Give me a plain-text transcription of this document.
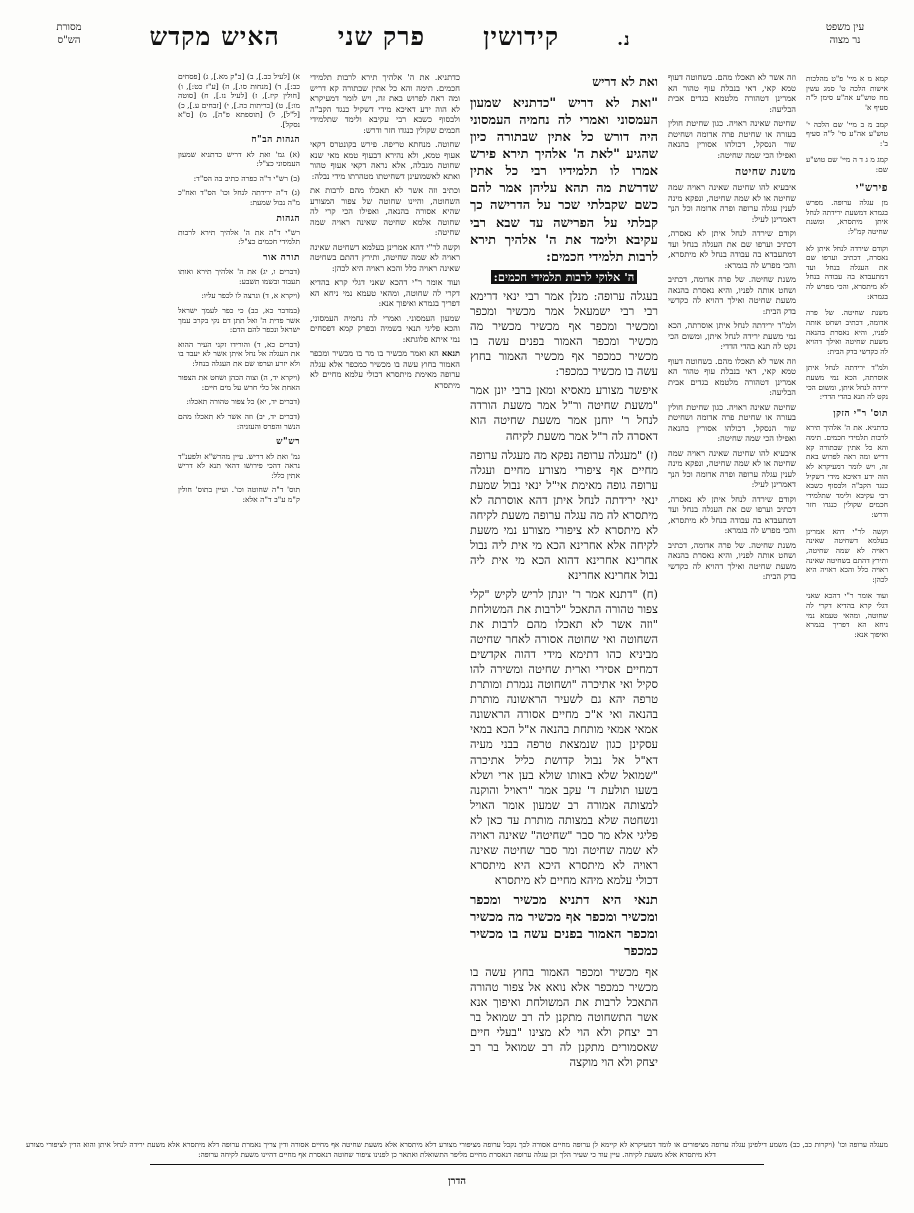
עין משפט
נר מצוה
נ.
קידושין
פרק שני
האיש מקדש
מסורת
הש"ס
קמא מ א מיי' פ"ט מהלכות אישות הלכה ט' סמג עשין מח טוש"ע אה"ע סימן ל"ה סעיף א'
קמב מ ב מיי' שם הלכה י' טוש"ע אה"ע סי' ל"ה סעיף ב':
קמג מ ג ד ה מיי' שם טוש"ע שם:
פירש"י
מן עגלה ערופה. מפרש בגמרא דמשעת ירידתה לנחל איתן מיתסרא, ומשנת שחיטה קמ"ל:
וקודם שירדה לנחל איתן לא נאסרה, דכתיב וערפו שם את העגלה בנחל ועד דמתעבדא בה עבודה בנחל לא מיתסרא, והכי מפרש לה בגמרא:
משנת שחיטה. של פרה אדומה, דכתיב ושחט אותה לפניו, והיא נאסרת בהנאה משעת שחיטה ואילך דהויא לה כקדשי בדק הבית:
ולמ"ד ירידתה לנחל איתן אוסרתה, הכא נמי משעת ירידה לנחל איתן, ומשום הכי נקט לה תנא בהדי הדדי:
תוס' ר"י הזקן
כדתניא. את ה' אלהיך תירא לרבות תלמידי חכמים. תימה והא כל אתין שבתורה קא דריש ומה ראה לפרוש באת זה, ויש לומר דמעיקרא לא הוה ידע דאיכא מידי דשקיל כנגד הקב"ה ולבסוף כשבא רבי עקיבא ולימד שתלמידי חכמים שקולין כנגדו חזר ודרש:
וקשה לר"י דהא אמרינן בעלמא דשחיטה שאינה ראויה לא שמה שחיטה, ותירץ דהתם בשחיטה שאינה ראויה כלל והכא ראויה היא לכהן:
ועוד אומר ר"י דהכא שאני דגלי קרא בהדיא דקרי לה שחוטה, ומהאי טעמא נמי ניחא הא דפריך בגמרא ואיפוך אנא:

וזה אשר לא תאכלו מהם. בשחוטה דעוף טמא קאי, דאי בנבלת עוף טהור הא אמרינן דטהורה מלטמא בגדים אבית הבליעה:

שחיטה שאינה ראויה. כגון שחיטת חולין בעזרה או שחיטת פרה אדומה ושחיטת שור הנסקל, דכולהו אסורין בהנאה ואפילו הכי שמה שחיטה:

משנת שחיטה

איבעיא להו שחיטה שאינה ראויה שמה שחיטה או לא שמה שחיטה, ונפקא מינה לענין עגלה ערופה ופרה אדומה וכל הנך דאמרינן לעיל:

וקודם שירדה לנחל איתן לא נאסרה, דכתיב וערפו שם את העגלה בנחל ועד דמתעבדא בה עבודה בנחל לא מיתסרא, והכי מפרש לה בגמרא:

משנת שחיטה. של פרה אדומה, דכתיב ושחט אותה לפניו, והיא נאסרת בהנאה משעת שחיטה ואילך דהויא לה כקדשי בדק הבית:

ולמ"ד ירידתה לנחל איתן אוסרתה, הכא נמי משעת ירידה לנחל איתן, ומשום הכי נקט לה תנא בהדי הדדי:

וזה אשר לא תאכלו מהם. בשחוטה דעוף טמא קאי, דאי בנבלת עוף טהור הא אמרינן דטהורה מלטמא בגדים אבית הבליעה:

שחיטה שאינה ראויה. כגון שחיטת חולין בעזרה או שחיטת פרה אדומה ושחיטת שור הנסקל, דכולהו אסורין בהנאה ואפילו הכי שמה שחיטה:

איבעיא להו שחיטה שאינה ראויה שמה שחיטה או לא שמה שחיטה, ונפקא מינה לענין עגלה ערופה ופרה אדומה וכל הנך דאמרינן לעיל:

וקודם שירדה לנחל איתן לא נאסרה, דכתיב וערפו שם את העגלה בנחל ועד דמתעבדא בה עבודה בנחל לא מיתסרא, והכי מפרש לה בגמרא:

משנת שחיטה. של פרה אדומה, דכתיב ושחט אותה לפניו, והיא נאסרת בהנאה משעת שחיטה ואילך דהויא לה כקדשי בדק הבית:

ואת לא דריש

"ואת לא דריש "כדתניא שמעון העמסוני ואמרי לה נחמיה העמסוני היה דורש כל אתין שבתורה כיון שהגיע "לאת ה' אלהיך תירא פירש אמרו לו תלמידיו רבי כל אתין שדרשת מה תהא עליהן אמר להם כשם שקבלתי שכר על הדרישה כך קבלתי על הפרישה עד שבא רבי עקיבא ולימד את ה' אלהיך תירא לרבות תלמידי חכמים:

ה' אלוקי לרבות תלמידי חכמים:

בעגלה ערופה: מנלן אמר רבי ינאי דרימא רבי רבי ישמעאל אמר מכשיר ומכפר ומכשיר ומכפר אף מכשיר מכשיר מה מכשיר ומכפר האמור בפנים עשה בו מכשיר כמכפר אף מכשיר האמור בחוץ עשה בו מכשיר כמכפר:

איפשר מצורע מאסיא ומאן ברבי יונן אמר "משעת שחיטה ור"ל אמר משעת הורדה לנחל ר' יוחנן אמר משעת שחיטה הוא דאסרה לה ר"ל אמר משעת לקיחה

(ז) "מעגלה ערופה נפקא מה מעגלה ערופה מחיים אף ציפורי מצורע מחיים ועגלה ערופה גופה מאימת אי"ל ינאי נבול שמעת ינאי ירידתה לנחל איתן דהא אוסרתה לא מיתסרא לה מה עגלה ערופה משעת לקיחה לא מיתסרא לא ציפורי מצורע נמי משעת לקיחה אלא אחרינא הכא מי אית ליה נבול אחרינא אחרינא דהוא הכא מי אית ליה נבול אחרינא אחרינא

(ח) "דתנא אמר ר' יונתן לריש לקיש "קלי צפור טהורה התאכל "לרבות את המשולחת "וזה אשר לא תאכלו מהם לרבות את השחוטה ואי שחוטה אסורה לאחר שחיטה מביניא כהו דתימא מידי דהוה אקדשים דמחיים אסירי וארית שחיטה ומשירה להו סקיל ואי אתיכרה "ושחוטה נגמרת ומותרת טרפה יהא גם לשעיר הראשונה מותרת בהנאה ואי א"כ מחיים אסורה הראשונה אמאי אמאי מותחת בהנאה א"ל הכא במאי עסקינן כגון שנמצאת טרפה בבני מעיה דא"ל אל נבול קדושת כליל אתיכרה "שמואל שלא באותו שולא בען ארי ושלא בשעו תולעת ד' עקב אמר "ראויל והוקנה למצותה אמורה רב שמעון אומר האויל ונשחטה שלא במצותה מותרת עד כאן לא פליגי אלא מר סבר "שחיטה" שאינה ראויה לא שמה שחיטה ומר סבר שחיטה שאינה ראויה לא מיתסרא היכא היא מיתסרא דכולי עלמא מיהא מחיים לא מיתסרא

תנאי היא דתניא מכשיר ומכפר ומכשיר ומכפר אף מכשיר מה מכשיר ומכפר האמור בפנים עשה בו מכשיר כמכפר

אף מכשיר ומכפר האמור בחוץ עשה בו מכשיר כמכפר אלא נואא אל צפור טהורה התאכל לרבות את המשולחת ואיפוך אנא אשר התשחוטה מתקנן לה רב שמואל בר רב יצחק ולא הוי לא מצינו "בעלי חיים שאסמורים מתקנן לה רב שמואל בר רב יצחק ולא הוי מוקצה

כדתניא. את ה' אלהיך תירא לרבות תלמידי חכמים. תימה והא כל אתין שבתורה קא דריש ומה ראה לפרוש באת זה, ויש לומר דמעיקרא לא הוה ידע דאיכא מידי דשקיל כנגד הקב"ה ולבסוף כשבא רבי עקיבא ולימד שתלמידי חכמים שקולין כנגדו חזר ודרש:

שחוטה. מנחתא טריפה. פירש בקונטרס דקאי אעוף טמא, ולא נהירא דבעוף טמא מאי שנא שחוטה מנבלה, אלא נראה דקאי אעוף טהור ואתא לאשמועינן דשחיטתו מטהרתו מידי נבלה:

וכתיב וזה אשר לא תאכלו מהם לרבות את השחוטה, והיינו שחוטה של צפור המצורע שהיא אסורה בהנאה, ואפילו הכי קרי לה שחוטה אלמא שחיטה שאינה ראויה שמה שחיטה:

וקשה לר"י דהא אמרינן בעלמא דשחיטה שאינה ראויה לא שמה שחיטה, ותירץ דהתם בשחיטה שאינה ראויה כלל והכא ראויה היא לכהן:

ועוד אומר ר"י דהכא שאני דגלי קרא בהדיא דקרי לה שחוטה, ומהאי טעמא נמי ניחא הא דפריך בגמרא ואיפוך אנא:

שמעון העמסוני. ואמרי לה נחמיה העמסוני, והכא פליגי תנאי בשמיה ובפרק קמא דפסחים נמי איתא פלוגתא:

תנאא הא ואמר מכשיר בו מר בו מכשיר ומכפר האמור בחוץ עשה בו מכשיר כמכפר אלא עגלה ערופה מאימת מיתסרא דכולי עלמא מחיים לא מיתסרא

א) [לעיל כב.], ב) [ב"ק מא.], ג) [פסחים כב:], ד) [מנחות סו.], ה) [ע"ז כט:], ו) [חולין קיז.], ז) [לעיל נז.], ח) [סוטה מו:], ט) [כריתות כה.], י) [זבחים ע.], כ) [ל"ל], ל) [תוספתא פ"ה], מ) [ס"א נסקל].
הגהות הב"ח
(א) גמ' ואת לא דריש כדתניא שמעון העמסוני כצ"ל:
(ב) רש"י ד"ה כפרה כתיב בה הס"ד:
(ג) ד"ה ירידתה לנחל וכו' הס"ד ואח"כ מ"ה נבול שמעת:
הגהות
רש"י ד"ה את ה' אלהיך תירא לרבות תלמידי חכמים כצ"ל:
תורה אור
(דברים ו, יג) את ה' אלהיך תירא ואותו תעבוד ובשמו תשבע:
(ויקרא א, ד) ונרצה לו לכפר עליו:
(במדבר כא, כב) כי כפר לעמך ישראל אשר פדית ה' ואל תתן דם נקי בקרב עמך ישראל ונכפר להם הדם:
(דברים כא, ד) והורידו זקני העיר ההוא את העגלה אל נחל איתן אשר לא יעבד בו ולא יזרע וערפו שם את העגלה בנחל:
(ויקרא יד, ה) וצוה הכהן ושחט את הצפור האחת אל כלי חרש על מים חיים:
(דברים יד, יא) כל צפור טהורה תאכלו:
(דברים יד, יב) וזה אשר לא תאכלו מהם הנשר והפרס והעזניה:
רש"ש
גמ' ואת לא דריש. עיין מהרש"א ולפענ"ד נראה דהכי פירושו דהאי תנא לא דריש אתין כלל:
תוס' ד"ה שחוטה וכו'. ועיין בתוס' חולין ק"מ ע"ב ד"ה אלא:
מעגלה ערופה וכו' (ויקרות כב, כב) משמע דילפינן עגלה ערופה מציפורים או לומד דמעיקרא לא קיימא לן ערופה מחיים אסורה לכך נקבל ערופה מציפורי מצורע דלא מיתסרא אלא משעת שחיטה אף מחיים אסורה ודין צריך נאמרת ערופה דלא מיתסרא אלא משעת ירידה לנחל איתן והוא הדין לציפורי מצורע דלא מיתסרא אלא משעת לקיחה. עיין עוד כי שעיר הלך וכן עגלה ערופה דנאסרת מחיים מליפר התשואלת ואתאר כן לפנינו ציפור שחוטה דנאסרת אף מחיים דהיינו משעת לקיחה ערופה:
הדרן
